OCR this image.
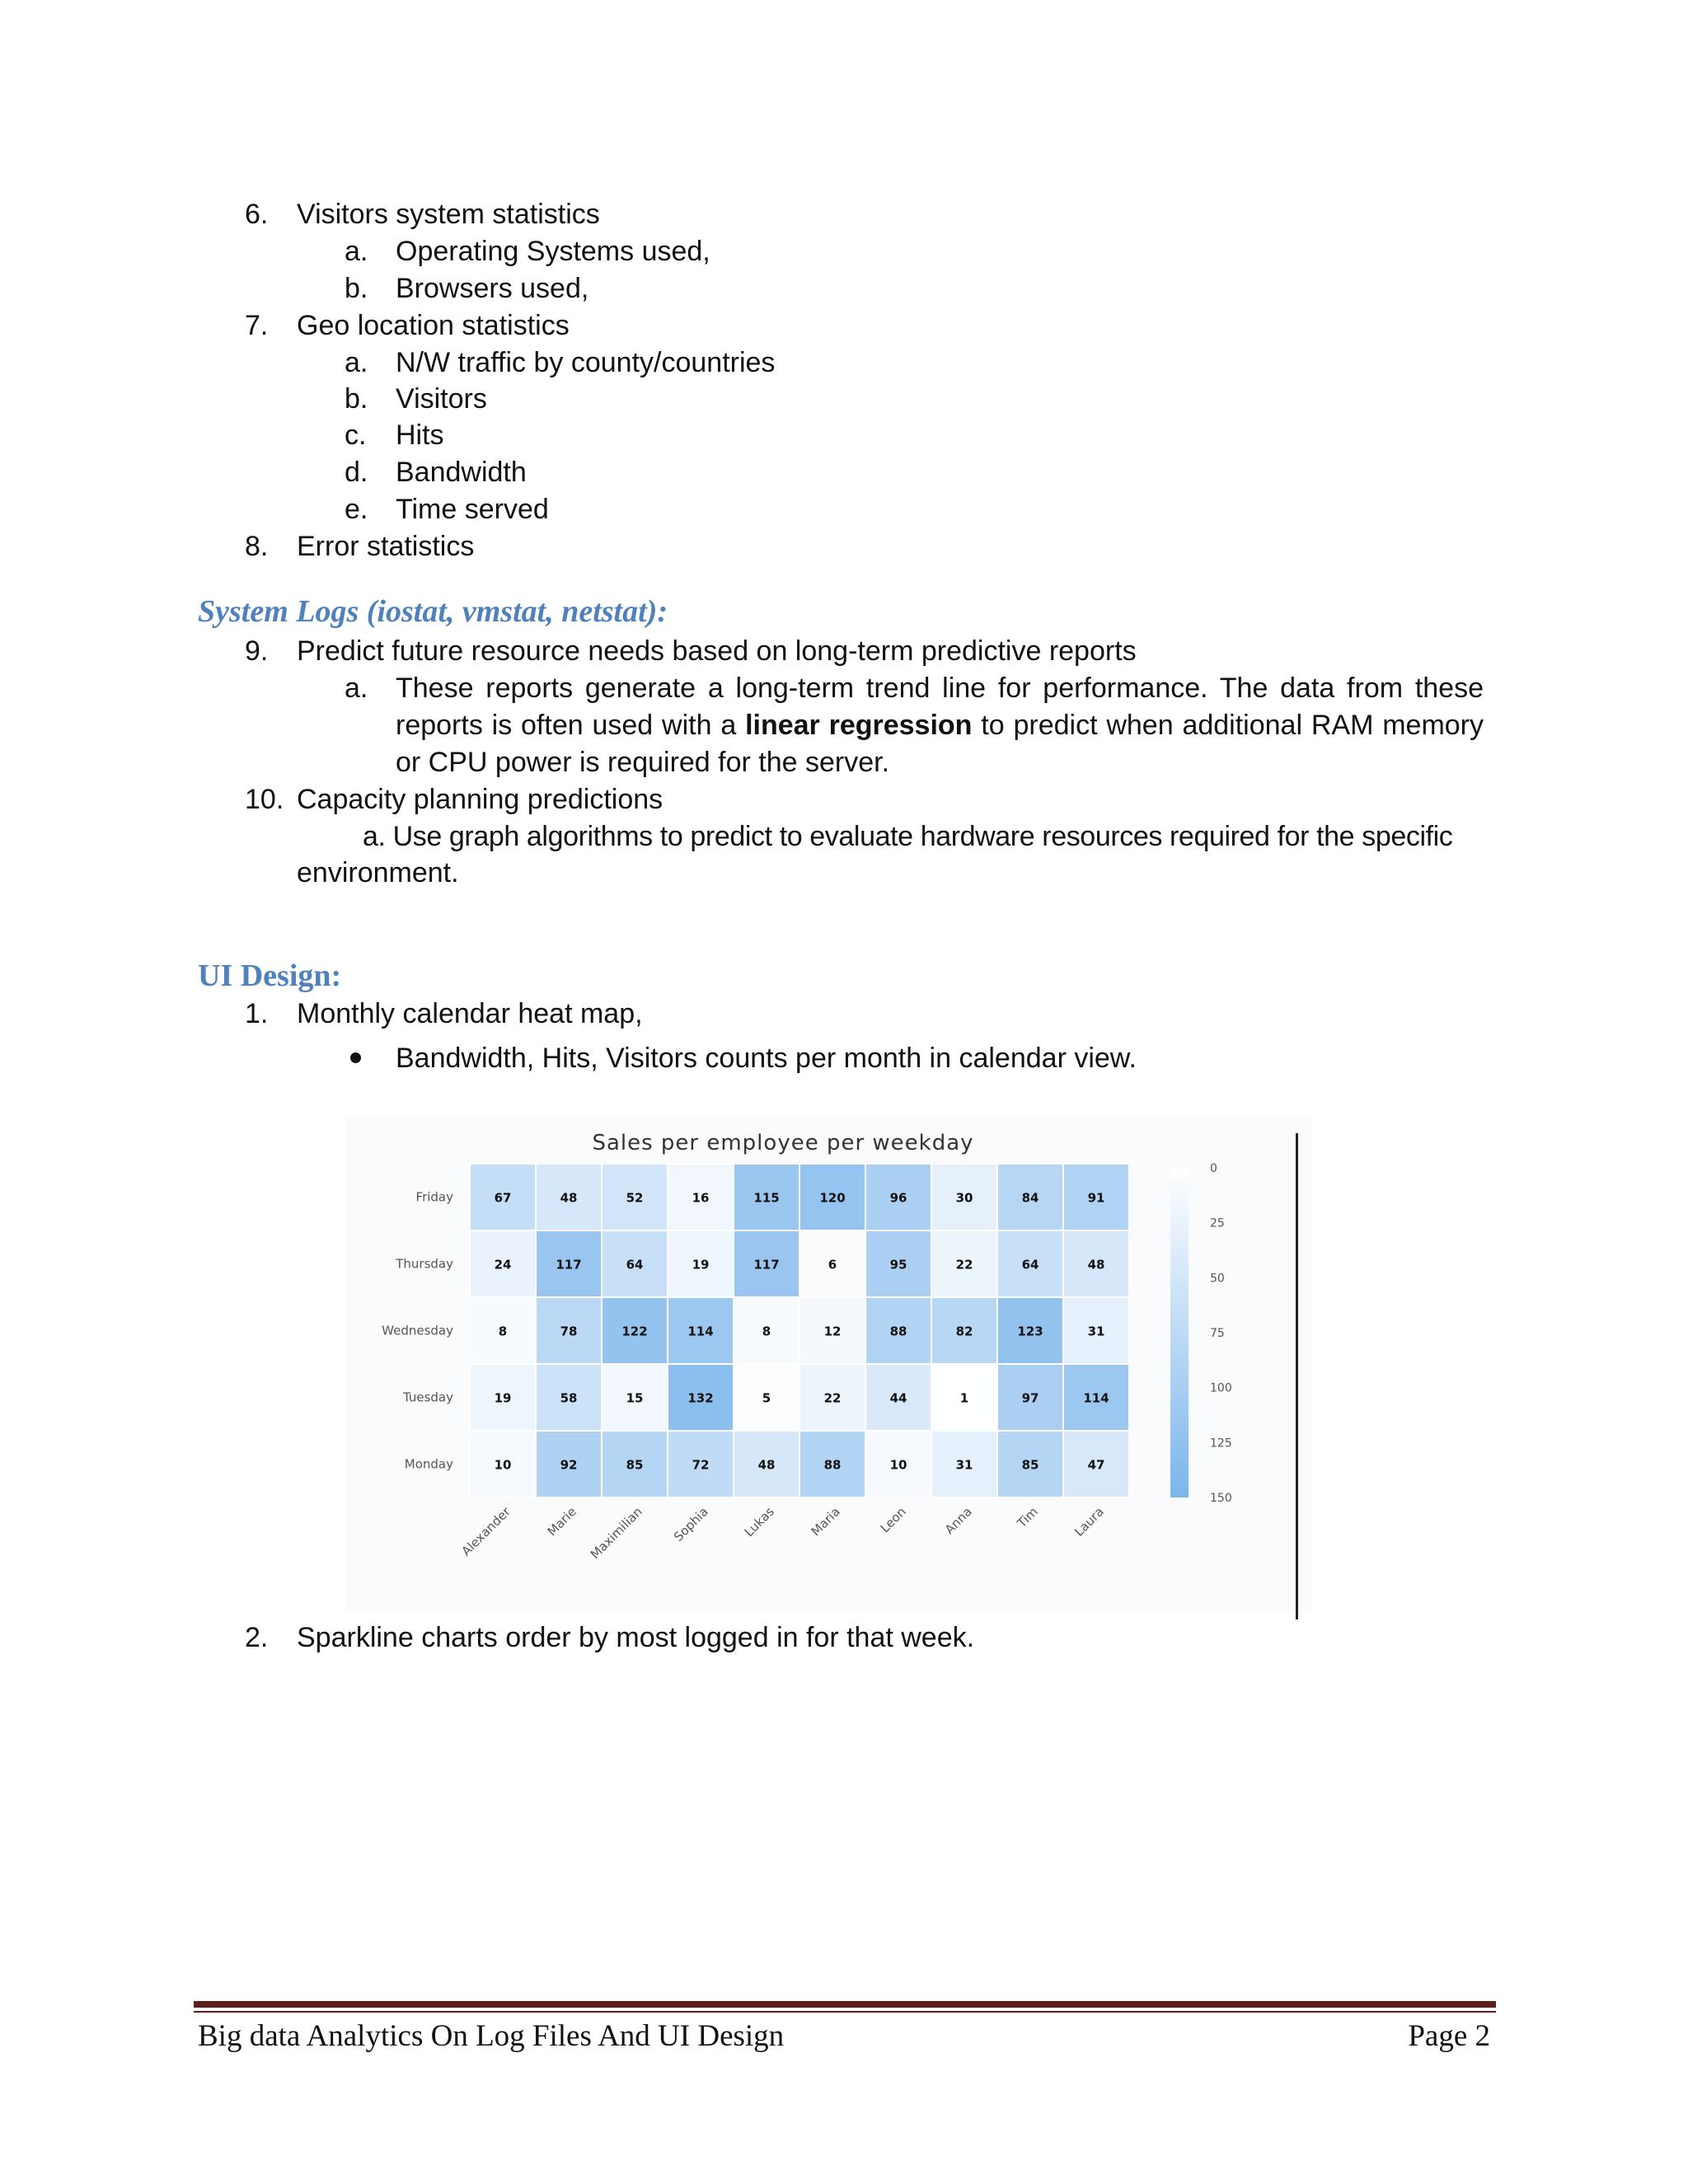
6. Visitors system statistics
a. Operating Systems used,
b. Browsers used,
7. Geo location statistics
a. N/W traffic by county/countries
b. Visitors
c. Hits
d. Bandwidth
e. Time served
8. Error statistics
System Logs (iostat, vmstat, netstat):
9. Predict future resource needs based on long-term predictive reports
a. These reports generate a long-term trend line for performance. The data from these reports is often used with a linear regression to predict when additional RAM memory or CPU power is required for the server.
10. Capacity planning predictions
a. Use graph algorithms to predict to evaluate hardware resources required for the specific
environment.
UI Design:
1. Monthly calendar heat map,
Bandwidth, Hits, Visitors counts per month in calendar view.
Sales per employee per weekday
67	48	52	16	115	120	96	30	84	91
24	117	64	19	117	6	95	22	64	48
8	78	122	114	8	12	88	82	123	31
19	58	15	132	5	22	44	1	97	114
10	92	85	72	48	88	10	31	85	47
Friday
Thursday
Wednesday
Tuesday
Monday
Alexander	Marie Maximilian Sophia Lukas	Maria	Leon	Anna	Tim Laura
0
25
50
75
100
125
150
2. Sparkline charts order by most logged in for that week.
Big data Analytics On Log Files And UI Design	Page 2
